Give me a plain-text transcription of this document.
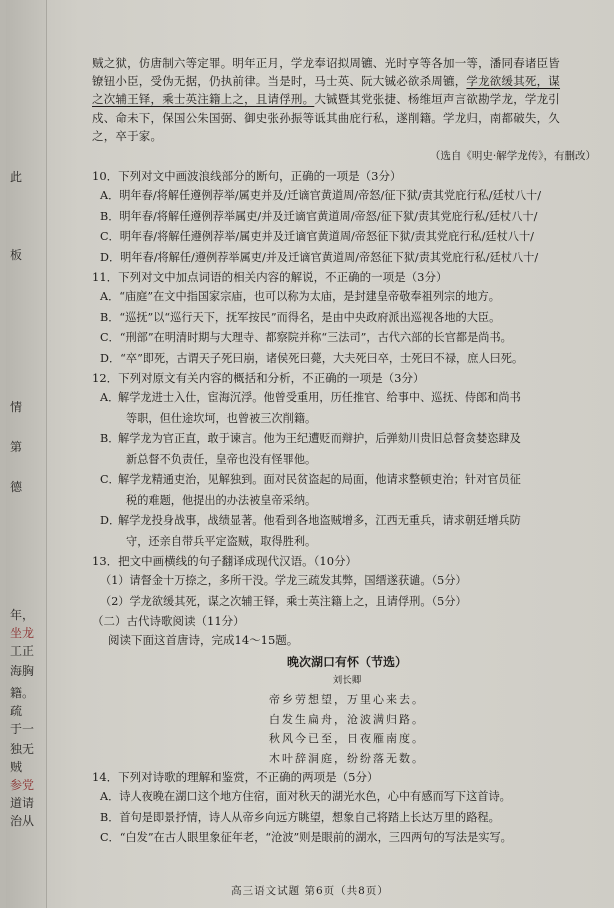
此
板
情
第
德
年，
坐龙
工正
海胸
籍。
疏
于一
独无
贼
参党
道请
治从
贼之狱，仿唐制六等定罪。明年正月，学龙奉诏拟周镳、光时亨等各加一等，潘同春诸臣皆
镣钮小臣，受伪无据，仍执前律。当是时，马士英、阮大铖必欲杀周镳，学龙欲缓其死，谋
之次辅王铎，乘士英注籍上之，且请俘刑。大铖暨其党张捷、杨维垣声言欲勘学龙，学龙引
戍、命未下，保国公朱国弼、御史张孙振等诋其曲庇行私，遂削籍。学龙归，南都破失，久
之，卒于家。
（选自《明史·解学龙传》，有删改）
10．下列对文中画波浪线部分的断句，正确的一项是（3分）
A．明年春/将解任遵例荐举/属吏并及/迁谪官黄道周/帝怒/征下狱/责其党庇行私/廷杖八十/
B．明年春/将解任遵例荐举属吏/并及迁谪官黄道周/帝怒/征下狱/责其党庇行私/廷杖八十/
C．明年春/将解任遵例荐举/属吏并及迁谪官黄道周/帝怒征下狱/责其党庇行私/廷杖八十/
D．明年春/将解任/遵例荐举属吏/并及迁谪官黄道周/帝怒征下狱/责其党庇行私/廷杖八十/
11．下列对文中加点词语的相关内容的解说，不正确的一项是（3分）
A．“庙庭”在文中指国家宗庙，也可以称为太庙，是封建皇帝敬奉祖列宗的地方。
B．“巡抚”以“巡行天下，抚军按民”而得名，是由中央政府派出巡视各地的大臣。
C．“刑部”在明清时期与大理寺、都察院并称“三法司”，古代六部的长官都是尚书。
D．“卒”即死，古谓天子死曰崩，诸侯死曰薨，大夫死曰卒，士死曰不禄，庶人曰死。
12．下列对原文有关内容的概括和分析，不正确的一项是（3分）
A．解学龙进士入仕，宦海沉浮。他曾受重用，历任推官、给事中、巡抚、侍郎和尚书
等职，但仕途坎坷，也曾被三次削籍。
B．解学龙为官正直，敢于谏言。他为王纪遭贬而辩护，后弹劾川贵旧总督贪婪恣肆及
新总督不负责任，皇帝也没有怪罪他。
C．解学龙精通吏治，见解独到。面对民贫盗起的局面，他请求整顿吏治；针对官员征
税的难题，他提出的办法被皇帝采纳。
D．解学龙投身战事，战绩显著。他看到各地盗贼增多，江西无重兵，请求朝廷增兵防
守，还亲自带兵平定盗贼，取得胜利。
13．把文中画横线的句子翻译成现代汉语。（10分）
（1）请督金十万捺之，多所干没。学龙三疏发其弊，国缙遂获谴。（5分）
（2）学龙欲缓其死，谋之次辅王铎，乘士英注籍上之，且请俘刑。（5分）
（二）古代诗歌阅读（11分）
阅读下面这首唐诗，完成14～15题。
晚次湖口有怀（节选）
刘长卿
帝乡劳想望，万里心来去。
白发生扁舟，沧波满归路。
秋风今已至，日夜雁南度。
木叶辞洞庭，纷纷落无数。
14．下列对诗歌的理解和鉴赏，不正确的两项是（5分）
A．诗人夜晚在湖口这个地方住宿，面对秋天的湖光水色，心中有感而写下这首诗。
B．首句是即景抒情，诗人从帝乡向远方眺望，想象自己将踏上长达万里的路程。
C．“白发”在古人眼里象征年老，“沧波”则是眼前的湖水，三四两句的写法是实写。
高三语文试题 第6页（共8页）
